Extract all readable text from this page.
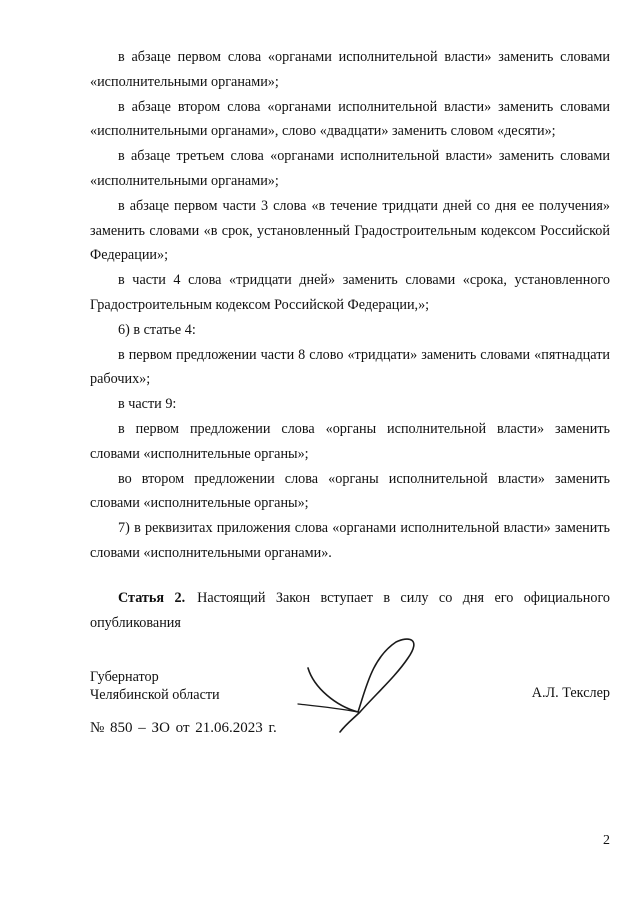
в абзаце первом слова «органами исполнительной власти» заменить словами «исполнительными органами»;

в абзаце втором слова «органами исполнительной власти» заменить словами «исполнительными органами», слово «двадцати» заменить словом «десяти»;

в абзаце третьем слова «органами исполнительной власти» заменить словами «исполнительными органами»;

в абзаце первом части 3 слова «в течение тридцати дней со дня ее получения» заменить словами «в срок, установленный Градостроительным кодексом Российской Федерации»;

в части 4 слова «тридцати дней» заменить словами «срока, установленного Градостроительным кодексом Российской Федерации,»;

6) в статье 4:

в первом предложении части 8 слово «тридцати» заменить словами «пятнадцати рабочих»;

в части 9:

в первом предложении слова «органы исполнительной власти» заменить словами «исполнительные органы»;

во втором предложении слова «органы исполнительной власти» заменить словами «исполнительные органы»;

7) в реквизитах приложения слова «органами исполнительной власти» заменить словами «исполнительными органами».

Статья 2. Настоящий Закон вступает в силу со дня его официального опубликования

Губернатор
Челябинской области	А.Л. Текслер
№ 850 – ЗО от 21.06.2023 г.
2
